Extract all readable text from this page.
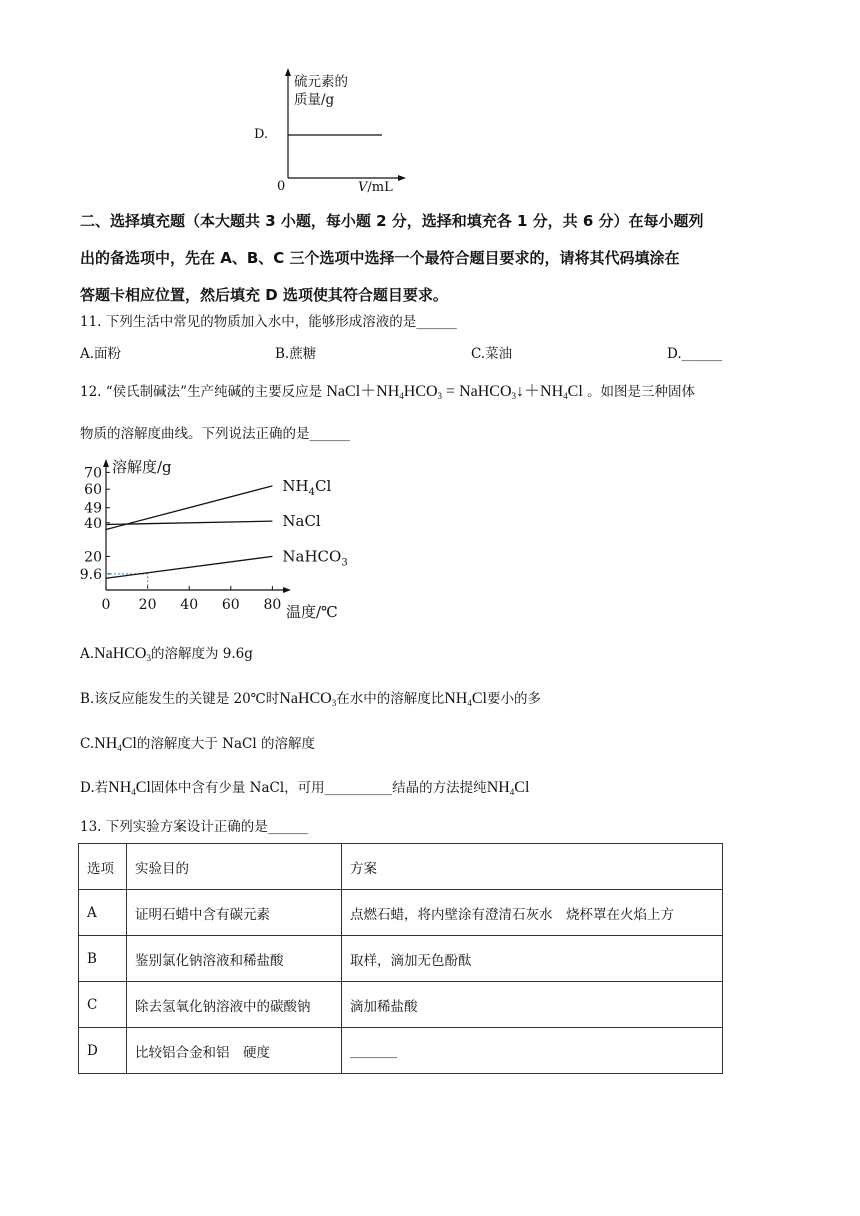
D.
硫元素的
质量/g
0	V/mL
二、选择填充题（本大题共 3 小题，每小题 2 分，选择和填充各 1 分，共 6 分）在每小题列
出的备选项中，先在 A、B、C 三个选项中选择一个最符合题目要求的，请将其代码填涂在
答题卡相应位置，然后填充 D 选项使其符合题目要求。
11. 下列生活中常见的物质加入水中，能够形成溶液的是______
A.面粉	B.蔗糖	C.菜油	D.______
12. “侯氏制碱法”生产纯碱的主要反应是 $NaCl+NH_4HCO_3$ = $NaHCO_3↓+NH_4Cl$ 。如图是三种固体
物质的溶解度曲线。下列说法正确的是______
溶解度/g
温度/℃
9.6
20
40
49
60
70
0 20 40 60 80
$NH_4Cl$
NaCl
NaHCO$_3$
A.NaHCO$_3$的溶解度为 9.6g
B.该反应能发生的关键是 20℃时NaHCO$_3$在水中的溶解度比$NH_4Cl$要小的多
$C.NH_4Cl$的溶解度大于 NaCl 的溶解度
D.若$NH_4Cl$固体中含有少量 NaCl，可用__________结晶的方法提纯$NH_4Cl$
13. 下列实验方案设计正确的是______
选项	实验目的	方案
A	证明石蜡中含有碳元素	点燃石蜡，将内壁涂有澄清石灰水　烧杯罩在火焰上方
B	鉴别氯化钠溶液和稀盐酸	取样，滴加无色酚酞
C	除去氢氧化钠溶液中的碳酸钠	滴加稀盐酸
D	比较铝合金和铝　硬度	_______
